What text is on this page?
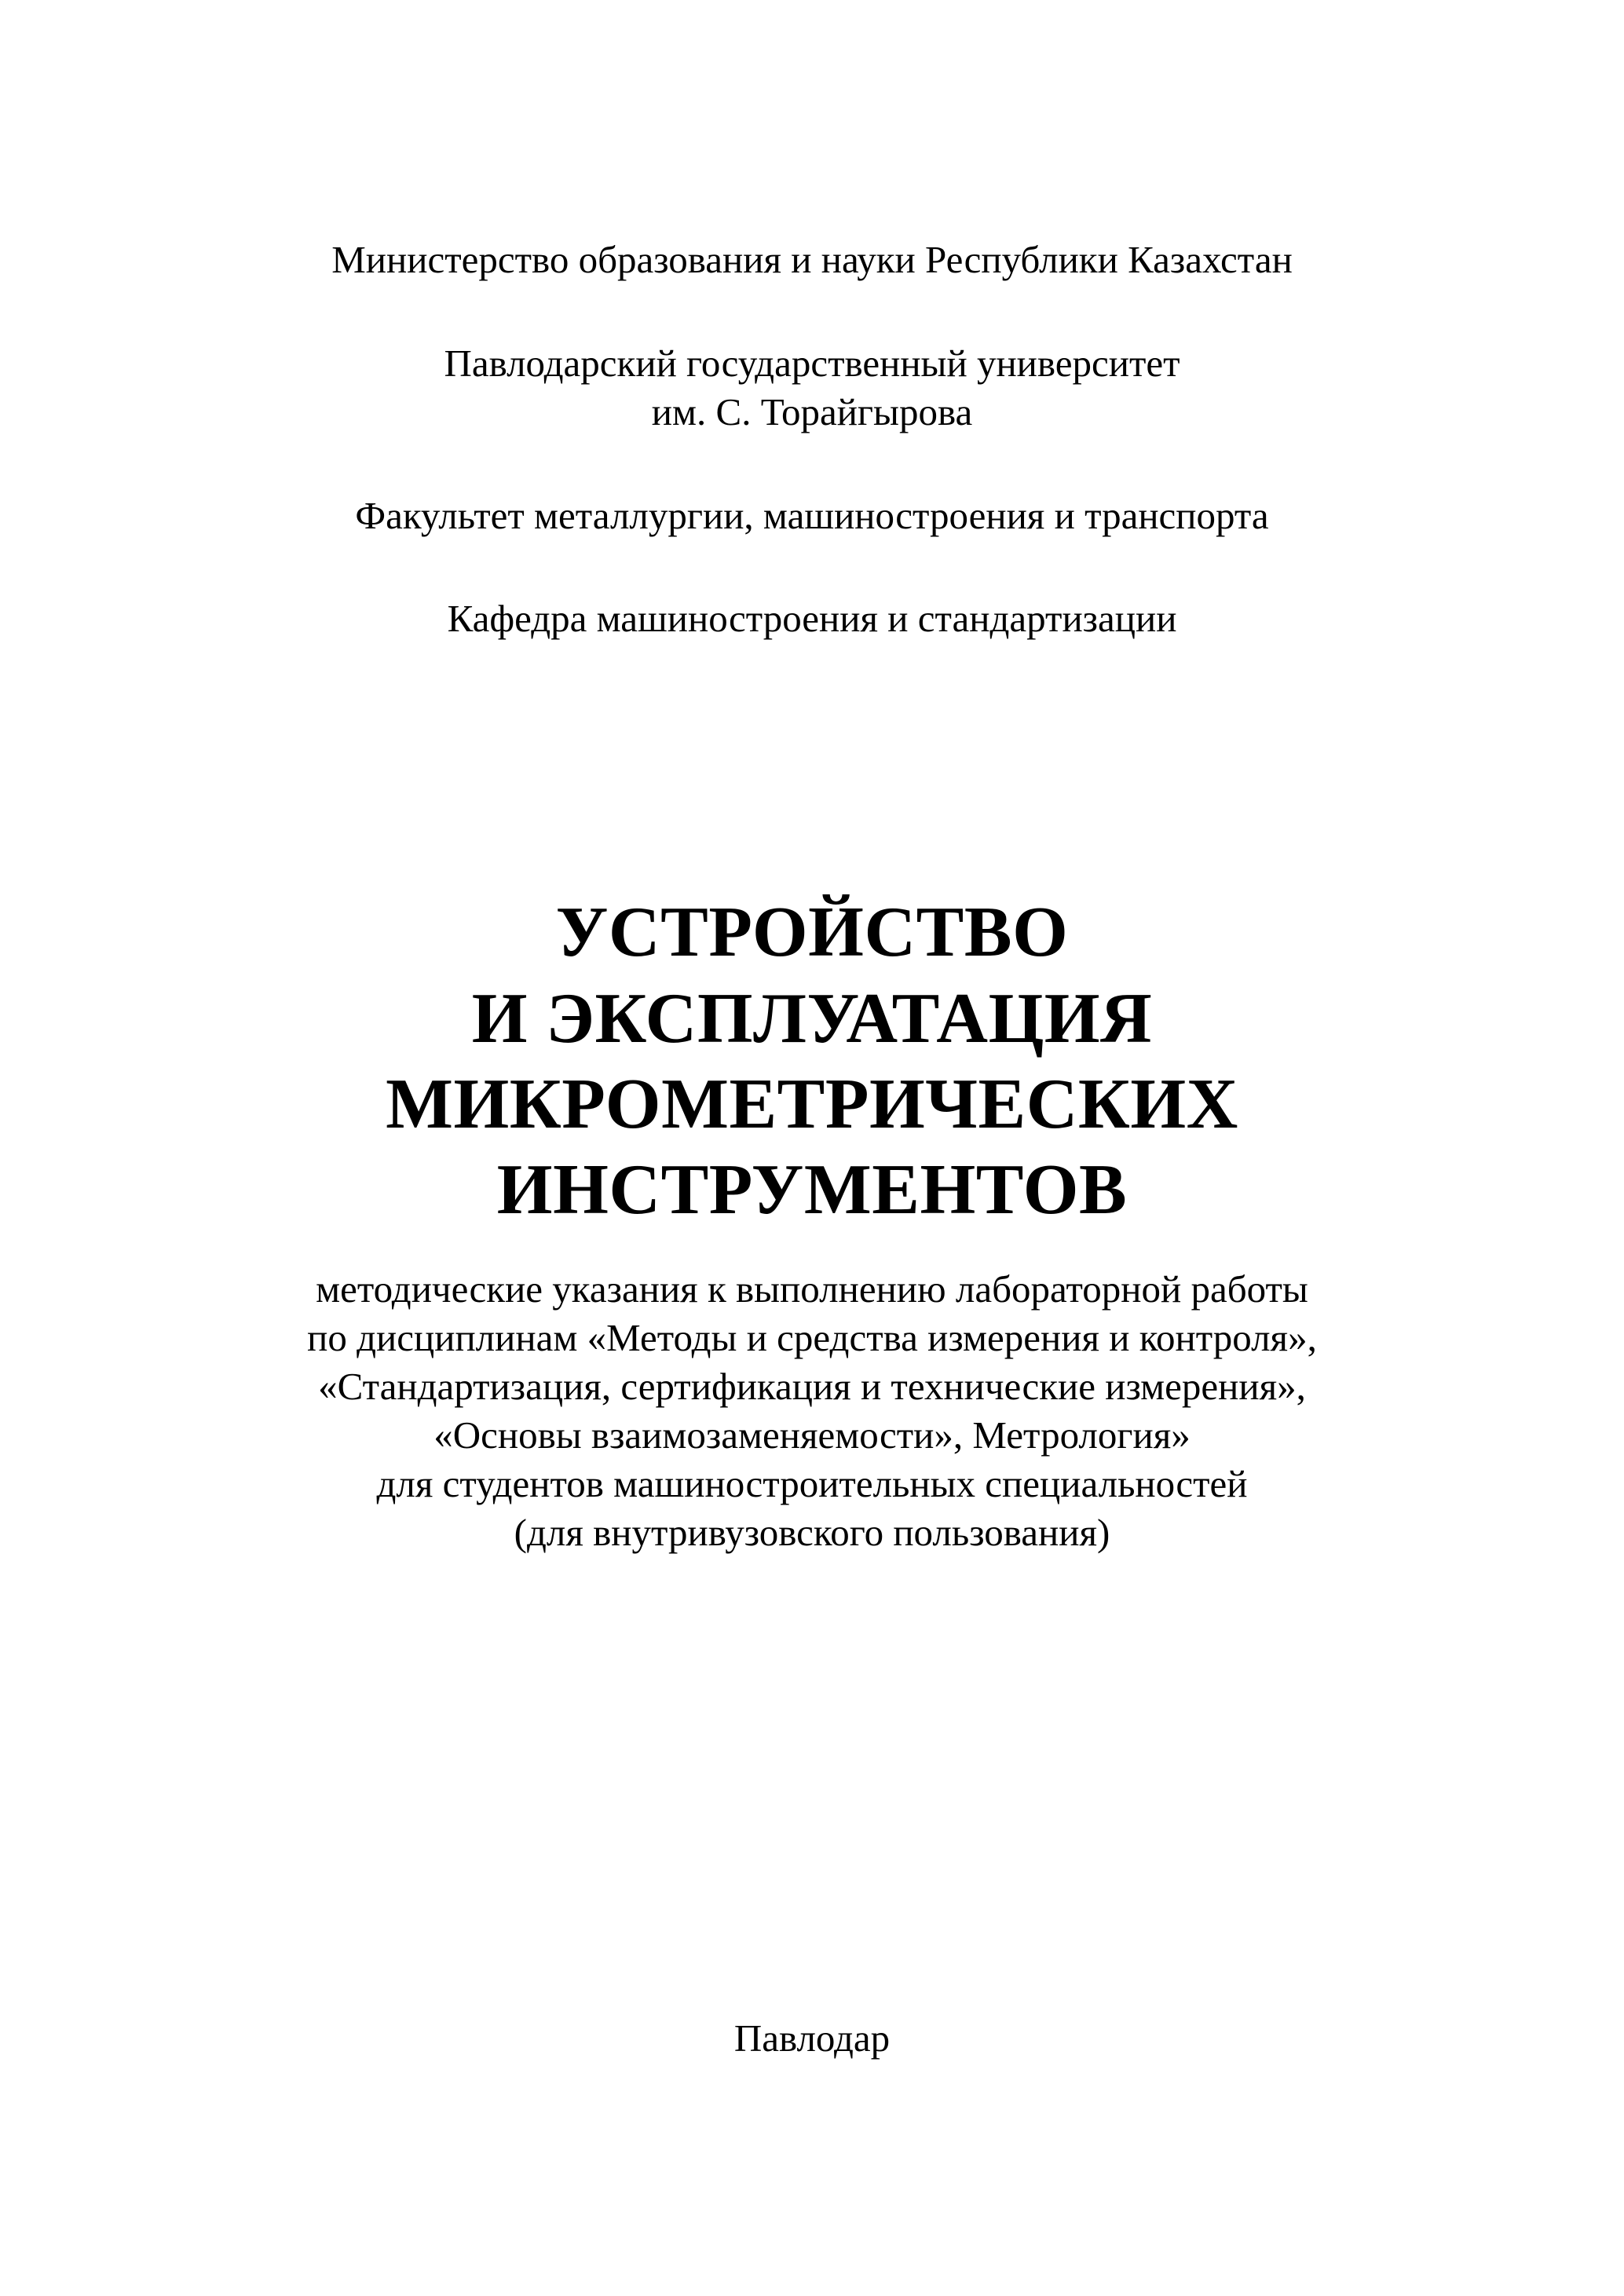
Министерство образования и науки Республики Казахстан
Павлодарский государственный университет
им. С. Торайгырова
Факультет металлургии, машиностроения и транспорта
Кафедра машиностроения и стандартизации
УСТРОЙСТВО
И ЭКСПЛУАТАЦИЯ
МИКРОМЕТРИЧЕСКИХ
ИНСТРУМЕНТОВ
методические указания к выполнению лабораторной работы
по дисциплинам «Методы и средства измерения и контроля»,
«Стандартизация, сертификация и технические измерения»,
«Основы взаимозаменяемости», Метрология»
для студентов машиностроительных специальностей
(для внутривузовского пользования)
Павлодар
